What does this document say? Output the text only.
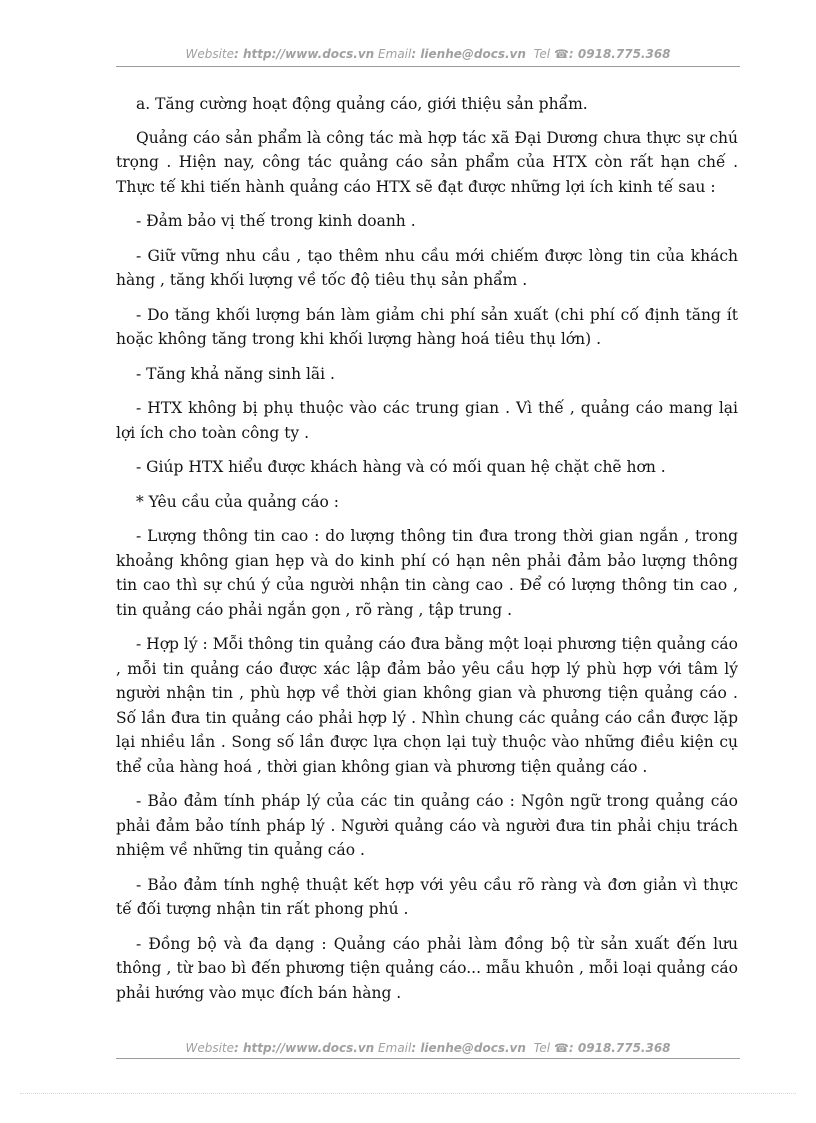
Website: http://www.docs.vn Email: lienhe@docs.vn Tel ☎: 0918.775.368

a. Tăng cường hoạt động quảng cáo, giới thiệu sản phẩm.

Quảng cáo sản phẩm là công tác mà hợp tác xã Đại Dương chưa thực sự chú trọng . Hiện nay, công tác quảng cáo sản phẩm của HTX còn rất hạn chế . Thực tế khi tiến hành quảng cáo HTX sẽ đạt được những lợi ích kinh tế sau :

- Đảm bảo vị thế trong kinh doanh .

- Giữ vững nhu cầu , tạo thêm nhu cầu mới chiếm được lòng tin của khách hàng , tăng khối lượng về tốc độ tiêu thụ sản phẩm .

- Do tăng khối lượng bán làm giảm chi phí sản xuất (chi phí cố định tăng ít hoặc không tăng trong khi khối lượng hàng hoá tiêu thụ lớn) .

- Tăng khả năng sinh lãi .

- HTX không bị phụ thuộc vào các trung gian . Vì thế , quảng cáo mang lại lợi ích cho toàn công ty .

- Giúp HTX hiểu được khách hàng và có mối quan hệ chặt chẽ hơn .

* Yêu cầu của quảng cáo :

- Lượng thông tin cao : do lượng thông tin đưa trong thời gian ngắn , trong khoảng không gian hẹp và do kinh phí có hạn nên phải đảm bảo lượng thông tin cao thì sự chú ý của người nhận tin càng cao . Để có lượng thông tin cao , tin quảng cáo phải ngắn gọn , rõ ràng , tập trung .

- Hợp lý : Mỗi thông tin quảng cáo đưa bằng một loại phương tiện quảng cáo , mỗi tin quảng cáo được xác lập đảm bảo yêu cầu hợp lý phù hợp với tâm lý người nhận tin , phù hợp về thời gian không gian và phương tiện quảng cáo . Số lần đưa tin quảng cáo phải hợp lý . Nhìn chung các quảng cáo cần được lặp lại nhiều lần . Song số lần được lựa chọn lại tuỳ thuộc vào những điều kiện cụ thể của hàng hoá , thời gian không gian và phương tiện quảng cáo .

- Bảo đảm tính pháp lý của các tin quảng cáo : Ngôn ngữ trong quảng cáo phải đảm bảo tính pháp lý . Người quảng cáo và người đưa tin phải chịu trách nhiệm về những tin quảng cáo .

- Bảo đảm tính nghệ thuật kết hợp với yêu cầu rõ ràng và đơn giản vì thực tế đối tượng nhận tin rất phong phú .

- Đồng bộ và đa dạng : Quảng cáo phải làm đồng bộ từ sản xuất đến lưu thông , từ bao bì đến phương tiện quảng cáo... mẫu khuôn , mỗi loại quảng cáo phải hướng vào mục đích bán hàng .

Website: http://www.docs.vn Email: lienhe@docs.vn Tel ☎: 0918.775.368
